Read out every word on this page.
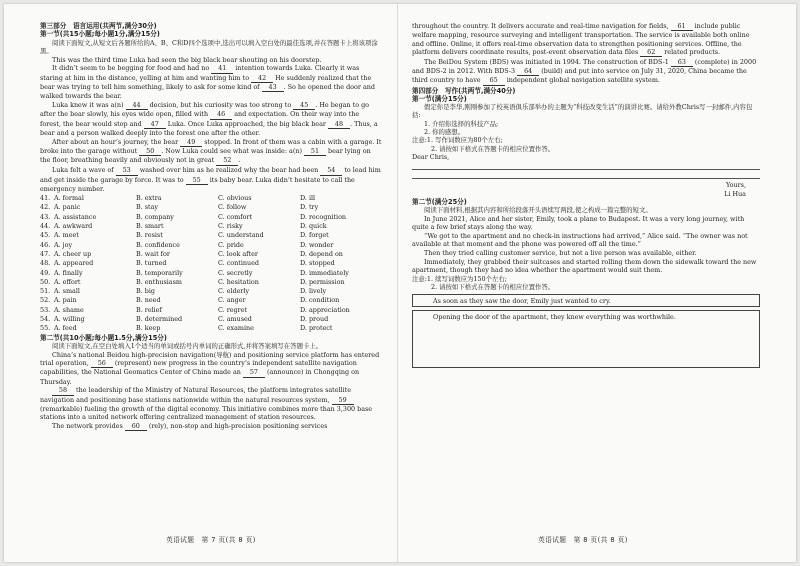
第三部分　语言运用(共两节,满分30分)
第一节(共15小题;每小题1分,满分15分)
阅读下面短文,从短文后各题所给的A、B、C和D四个选项中,选出可以填入空白处的最佳选项,并在答题卡上将该项涂黑。
This was the third time Luka had seen the big black bear shouting on his doorstep.
It didn’t seem to be begging for food and had no 41 intention towards Luka. Clearly it was staring at him in the distance, yelling at him and wanting him to 42 He suddenly realized that the bear was trying to tell him something, likely to ask for some kind of 43 . So he opened the door and walked towards the bear.
Luka knew it was a(n) 44 decision, but his curiosity was too strong to 45 . He began to go after the bear slowly, his eyes wide open, filled with 46 and expectation. On their way into the forest, the bear would stop and 47 Luka. Once Luka approached, the big black bear 48 . Thus, a bear and a person walked deeply into the forest one after the other.
After about an hour’s journey, the bear 49 stopped. In front of them was a cabin with a garage. It broke into the garage without 50 . Now Luka could see what was inside: a(n) 51 bear lying on the floor, breathing heavily and obviously not in great 52 .
Luka felt a wave of 53 washed over him as he realized why the bear had been 54 to lead him and get inside the garage by force. It was to 55 its baby bear. Luka didn’t hesitate to call the emergency number.
41. A. formal	B. extra	C. obvious	D. ill
42. A. panic	B. stay	C. follow	D. try
43. A. assistance	B. company	C. comfort	D. recognition
44. A. awkward	B. smart	C. risky	D. quick
45. A. meet	B. resist	C. understand	D. forget
46. A. joy	B. confidence	C. pride	D. wonder
47. A. cheer up	B. wait for	C. look after	D. depend on
48. A. appeared	B. turned	C. continued	D. stopped
49. A. finally	B. temporarily	C. secretly	D. immediately
50. A. effort	B. enthusiasm	C. hesitation	D. permission
51. A. small	B. big	C. elderly	D. lively
52. A. pain	B. need	C. anger	D. condition
53. A. shame	B. relief	C. regret	D. appreciation
54. A. willing	B. determined	C. amused	D. proud
55. A. feed	B. keep	C. examine	D. protect
第二节(共10小题;每小题1.5分,满分15分)
阅读下面短文,在空白处填入1个适当的单词或括号内单词的正确形式,并将答案填写在答题卡上。
China’s national Beidou high-precision navigation(导航) and positioning service platform has entered trial operation, 56 (represent) new progress in the country’s independent satellite navigation capabilities, the National Geomatics Center of China made an 57 (announce) in Chongqing on Thursday.
58 the leadership of the Ministry of Natural Resources, the platform integrates satellite navigation and positioning base stations nationwide within the natural resources system, 59 (remarkable) fueling the growth of the digital economy. This initiative combines more than 3,300 base stations into a united network offering centralized management of station resources.
The network provides 60 (rely), non-stop and high-precision positioning services
英语试题　第 7 页(共 8 页)
throughout the country. It delivers accurate and real-time navigation for fields, 61 include public welfare mapping, resource surveying and intelligent transportation. The service is available both online and offline. Online, it offers real-time observation data to strengthen positioning services. Offline, the platform delivers coordinate results, post-event observation data files 62 related products.
The BeiDou System (BDS) was initiated in 1994. The construction of BDS-1 63 (complete) in 2000 and BDS-2 in 2012. With BDS-3 64 (build) and put into service on July 31, 2020, China became the third country to have 65 independent global navigation satellite system.
第四部分　写作(共两节,满分40分)
第一节(满分15分)
假定你是李华,刚刚参加了校英语俱乐部举办的主题为“科技改变生活”的演讲比赛。请给外教Chris写一封邮件,内容包括:
1. 介绍你选择的科技产品;
2. 你的感想。
注意:1. 写作词数应为80个左右;
2. 请按如下格式在答题卡的相应位置作答。
Dear Chris,
Yours,
Li Hua
第二节(满分25分)
阅读下面材料,根据其内容和所给段落开头语续写两段,使之构成一篇完整的短文。
In June 2021, Alice and her sister, Emily, took a plane to Budapest. It was a very long journey, with quite a few brief stays along the way.
“We got to the apartment and no check-in instructions had arrived,” Alice said. “The owner was not available at that moment and the phone was powered off all the time.”
Then they tried calling customer service, but not a live person was available, either.
Immediately, they grabbed their suitcases and started rolling them down the sidewalk toward the new apartment, though they had no idea whether the apartment would suit them.
注意:1. 续写词数应为150个左右;
2. 请按如下格式在答题卡的相应位置作答。
As soon as they saw the door, Emily just wanted to cry.
Opening the door of the apartment, they knew everything was worthwhile.
英语试题　第 8 页(共 8 页)
